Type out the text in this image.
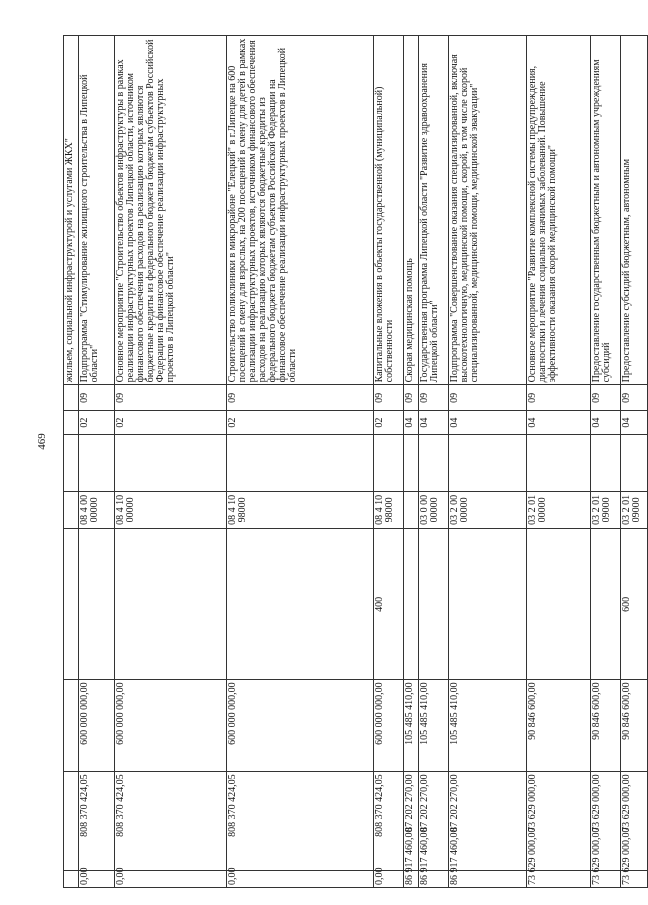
469

						жильем, социальной инфраструктурой и услугами ЖКХ"

0,00	808 370 424,05	600 000 000,00		08 4 00 00000		02	09	Подпрограмма "Стимулирование жилищного строительства в Липецкой области"

0,00	808 370 424,05	600 000 000,00		08 4 10 00000		02	09	Основное мероприятие "Строительство объектов инфраструктуры в рамках реализации инфраструктурных проектов Липецкой области, источником финансового обеспечения расходов на реализацию которых являются бюджетные кредиты из федерального бюджета бюджетам субъектов Российской Федерации на финансовое обеспечение реализации инфраструктурных проектов в Липецкой области"

0,00	808 370 424,05	600 000 000,00		08 4 10 98000		02	09	Строительство поликлиники в микрорайоне "Елецкий" в г.Липецке на 600 посещений в смену для взрослых, на 200 посещений в смену для детей в рамках реализации инфраструктурных проектов, источником финансового обеспечения расходов на реализацию которых являются бюджетные кредиты из федерального бюджета бюджетам субъектов Российской Федерации на финансовое обеспечение реализации инфраструктурных проектов в Липецкой области

0,00	808 370 424,05	600 000 000,00	400	08 4 10 98000		02	09	Капитальные вложения в объекты государственной (муниципальной) собственности

86 917 460,00	87 202 270,00	105 485 410,00				04	09	Скорая медицинская помощь

86 917 460,00	87 202 270,00	105 485 410,00		03 0 00 00000		04	09	Государственная программа Липецкой области "Развитие здравоохранения Липецкой области"

86 917 460,00	87 202 270,00	105 485 410,00		03 2 00 00000		04	09	Подпрограмма "Совершенствование оказания специализированной, включая высокотехнологичную, медицинской помощи, скорой, в том числе скорой специализированной, медицинской помощи, медицинской эвакуации"

73 629 000,00	73 629 000,00	90 846 600,00		03 2 01 00000		04	09	Основное мероприятие "Развитие комплексной системы предупреждения, диагностики и лечения социально значимых заболеваний. Повышение эффективности оказания скорой медицинской помощи"

73 629 000,00	73 629 000,00	90 846 600,00		03 2 01 09000		04	09	Предоставление государственным бюджетным и автономным учреждениям субсидий

73 629 000,00	73 629 000,00	90 846 600,00	600	03 2 01 09000		04	09	Предоставление субсидий бюджетным, автономным
